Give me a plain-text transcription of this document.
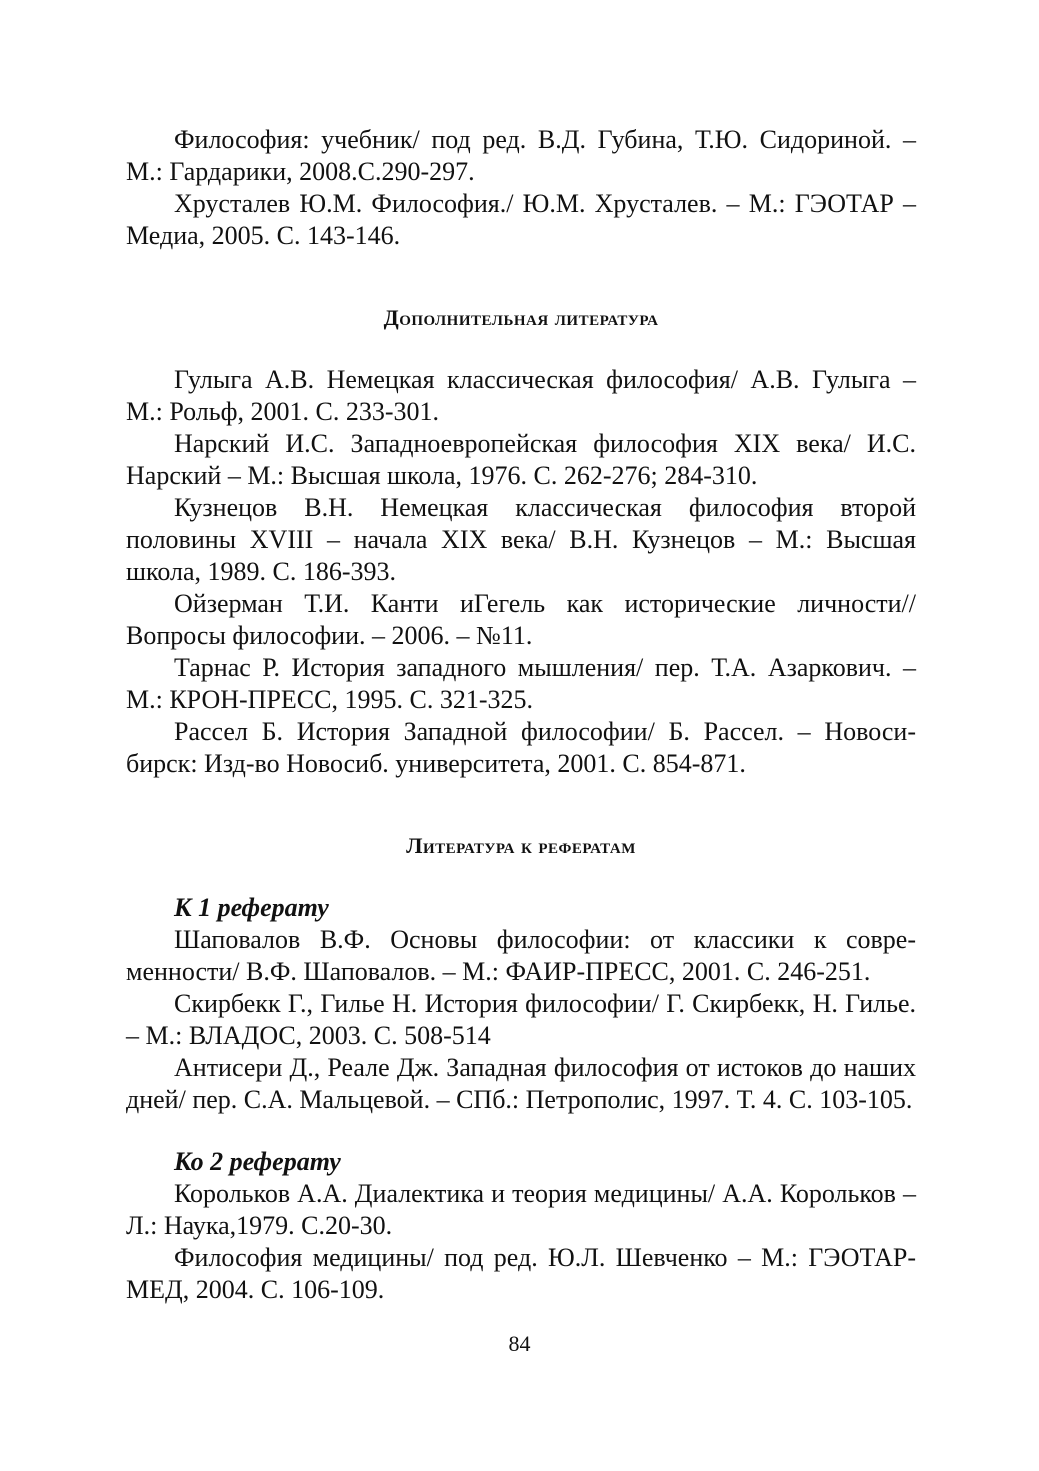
Философия: учебник/ под ред. В.Д. Губина, Т.Ю. Сидориной. – М.: Гардарики, 2008.С.290-297.

Хрусталев Ю.М. Философия./ Ю.М. Хрусталев. – М.: ГЭОТАР – Медиа, 2005. С. 143-146.

Дополнительная литература

Гулыга А.В. Немецкая классическая философия/ А.В. Гулыга – М.: Рольф, 2001. С. 233-301.

Нарский И.С. Западноевропейская философия XIX века/ И.С. Нарский – М.: Высшая школа, 1976. С. 262-276; 284-310.

Кузнецов В.Н. Немецкая классическая философия второй половины XVIII – начала XIX века/ В.Н. Кузнецов – М.: Высшая школа, 1989. С. 186-393.

Ойзерман Т.И. Канти иГегель как исторические личности// Вопросы философии. – 2006. – №11.

Тарнас Р. История западного мышления/ пер. Т.А. Азаркович. – М.: КРОН-ПРЕСС, 1995. С. 321-325.

Рассел Б. История Западной философии/ Б. Рассел. – Новосибирск: Изд-во Новосиб. университета, 2001. С. 854-871.

Литература к рефератам
К 1 реферату

Шаповалов В.Ф. Основы философии: от классики к современности/ В.Ф. Шаповалов. – М.: ФАИР-ПРЕСС, 2001. С. 246-251.

Скирбекк Г., Гилье Н. История философии/ Г. Скирбекк, Н. Гилье. – М.: ВЛАДОС, 2003. С. 508-514

Антисери Д., Реале Дж. Западная философия от истоков до наших дней/ пер. С.А. Мальцевой. – СПб.: Петрополис, 1997. Т. 4. С. 103-105.

Ко 2 реферату

Корольков А.А. Диалектика и теория медицины/ А.А. Корольков – Л.: Наука,1979. С.20-30.

Философия медицины/ под ред. Ю.Л. Шевченко – М.: ГЭОТАР-МЕД, 2004. С. 106-109.

84
